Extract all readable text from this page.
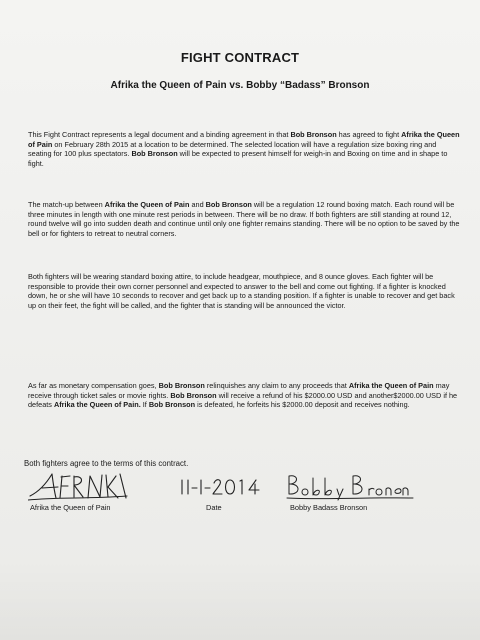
FIGHT CONTRACT
Afrika the Queen of Pain vs. Bobby “Badass” Bronson
This Fight Contract represents a legal document and a binding agreement in that Bob Bronson has agreed to fight Afrika the Queen of Pain on February 28th 2015 at a location to be determined. The selected location will have a regulation size boxing ring and seating for 100 plus spectators. Bob Bronson will be expected to present himself for weigh-in and Boxing on time and in shape to fight.
The match-up between Afrika the Queen of Pain and Bob Bronson will be a regulation 12 round boxing match. Each round will be three minutes in length with one minute rest periods in between. There will be no draw. If both fighters are still standing at round 12, round twelve will go into sudden death and continue until only one fighter remains standing. There will be no option to be saved by the bell or for fighters to retreat to neutral corners.
Both fighters will be wearing standard boxing attire, to include headgear, mouthpiece, and 8 ounce gloves. Each fighter will be responsible to provide their own corner personnel and expected to answer to the bell and come out fighting. If a fighter is knocked down, he or she will have 10 seconds to recover and get back up to a standing position. If a fighter is unable to recover and get back up on their feet, the fight will be called, and the fighter that is standing will be announced the victor.
As far as monetary compensation goes, Bob Bronson relinquishes any claim to any proceeds that Afrika the Queen of Pain may receive through ticket sales or movie rights. Bob Bronson will receive a refund of his $2000.00 USD and another$2000.00 USD if he defeats Afrika the Queen of Pain. If Bob Bronson is defeated, he forfeits his $2000.00 deposit and receives nothing.
Both fighters agree to the terms of this contract.
Afrika the Queen of Pain	Date	Bobby Badass Bronson
